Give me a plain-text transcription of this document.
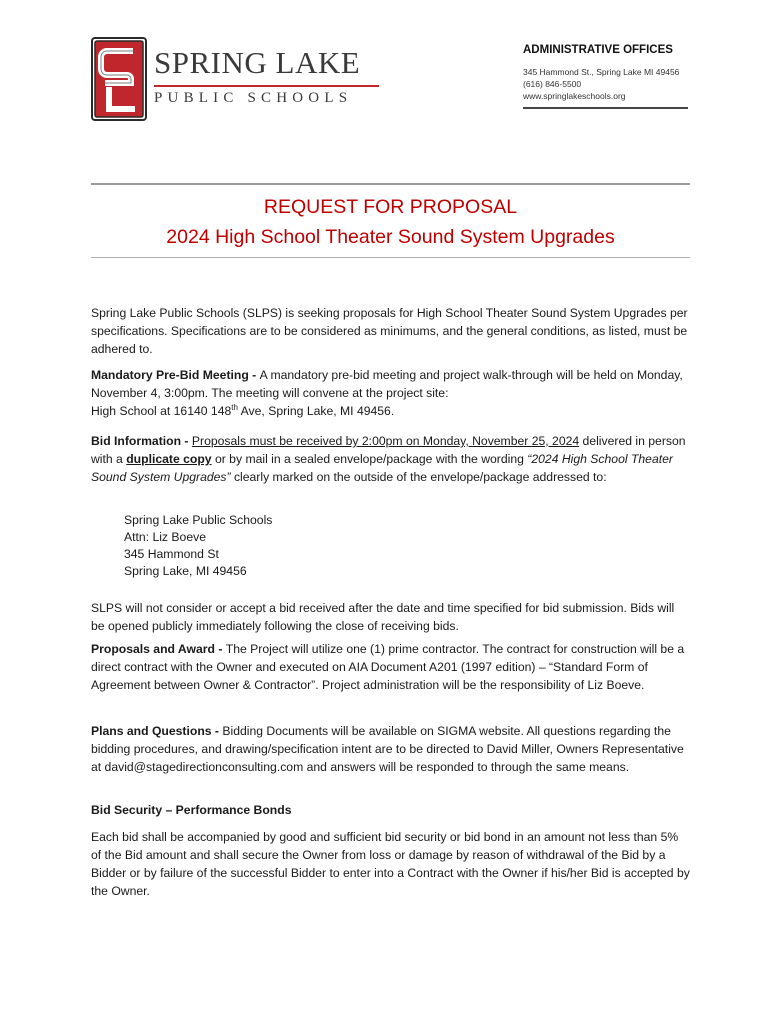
SPRING LAKE
PUBLIC SCHOOLS
ADMINISTRATIVE OFFICES
345 Hammond St., Spring Lake MI 49456
(616) 846-5500
www.springlakeschools.org
REQUEST FOR PROPOSAL
2024 High School Theater Sound System Upgrades

Spring Lake Public Schools (SLPS) is seeking proposals for High School Theater Sound System Upgrades per specifications. Specifications are to be considered as minimums, and the general conditions, as listed, must be adhered to.

Mandatory Pre-Bid Meeting - A mandatory pre-bid meeting and project walk-through will be held on Monday, November 4, 3:00pm. The meeting will convene at the project site:

High School at 16140 148th Ave, Spring Lake, MI 49456.

Bid Information - Proposals must be received by 2:00pm on Monday, November 25, 2024 delivered in person with a duplicate copy or by mail in a sealed envelope/package with the wording “2024 High School Theater Sound System Upgrades” clearly marked on the outside of the envelope/package addressed to:

Spring Lake Public Schools
Attn: Liz Boeve
345 Hammond St
Spring Lake, MI 49456

SLPS will not consider or accept a bid received after the date and time specified for bid submission. Bids will be opened publicly immediately following the close of receiving bids.

Proposals and Award - The Project will utilize one (1) prime contractor. The contract for construction will be a direct contract with the Owner and executed on AIA Document A201 (1997 edition) – “Standard Form of Agreement between Owner & Contractor”. Project administration will be the responsibility of Liz Boeve.

Plans and Questions - Bidding Documents will be available on SIGMA website. All questions regarding the bidding procedures, and drawing/specification intent are to be directed to David Miller, Owners Representative at david@stagedirectionconsulting.com and answers will be responded to through the same means.

Bid Security – Performance Bonds

Each bid shall be accompanied by good and sufficient bid security or bid bond in an amount not less than 5% of the Bid amount and shall secure the Owner from loss or damage by reason of withdrawal of the Bid by a Bidder or by failure of the successful Bidder to enter into a Contract with the Owner if his/her Bid is accepted by the Owner.
